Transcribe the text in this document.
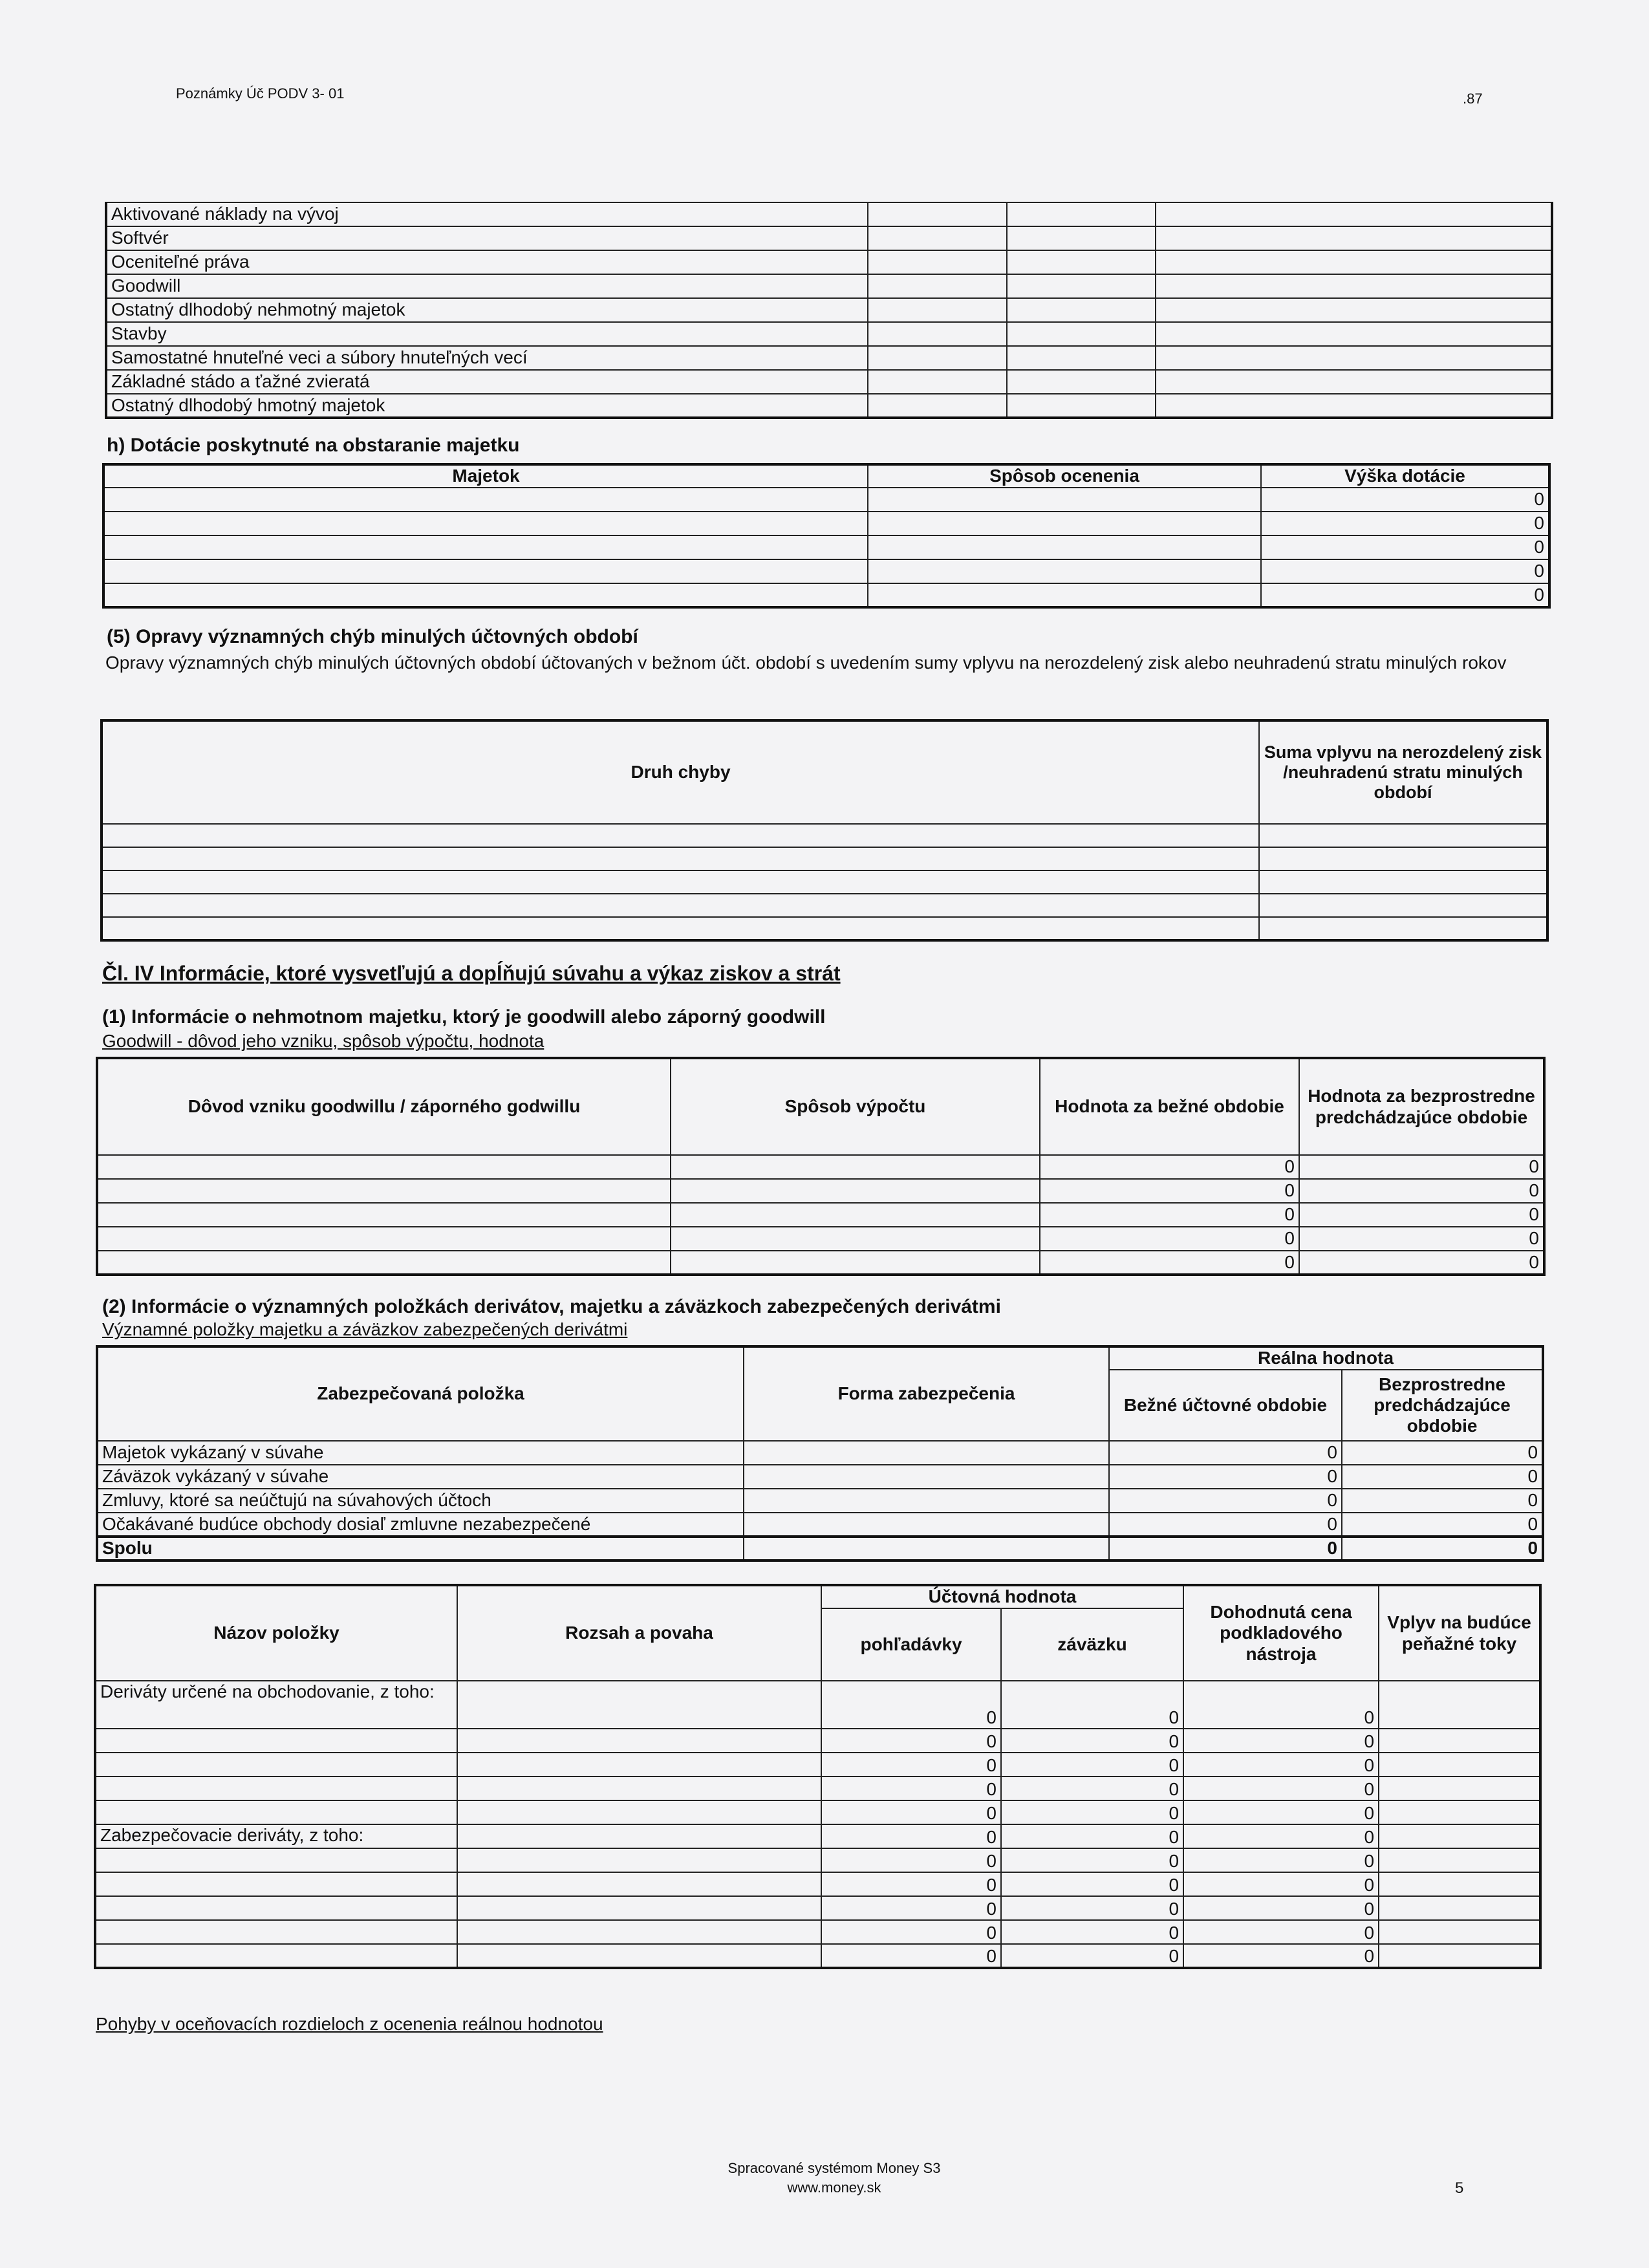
Poznámky Úč PODV 3- 01	.87
Aktivované náklady na vývoj			
Softvér			
Oceniteľné práva			
Goodwill			
Ostatný dlhodobý nehmotný majetok			
Stavby			
Samostatné hnuteľné veci a súbory hnuteľných vecí			
Základné stádo a ťažné zvieratá			
Ostatný dlhodobý hmotný majetok			
h) Dotácie poskytnuté na obstaranie majetku
Majetok	Spôsob ocenenia	Výška dotácie
		0
		0
		0
		0
		0
(5) Opravy významných chýb minulých účtovných období
Opravy významných chýb minulých účtovných období účtovaných v bežnom účt. období s uvedením sumy vplyvu na nerozdelený zisk alebo neuhradenú stratu minulých rokov
Druh chyby	Suma vplyvu na nerozdelený zisk /neuhradenú stratu minulých období

Čl. IV Informácie, ktoré vysvetľujú a dopĺňujú súvahu a výkaz ziskov a strát
(1) Informácie o nehmotnom majetku, ktorý je goodwill alebo záporný goodwill
Goodwill - dôvod jeho vzniku, spôsob výpočtu, hodnota
Dôvod vzniku goodwillu / záporného godwillu	Spôsob výpočtu	Hodnota za bežné obdobie	Hodnota za bezprostredne predchádzajúce obdobie
		0	0
		0	0
		0	0
		0	0
		0	0
(2) Informácie o významných položkách derivátov, majetku a záväzkoch zabezpečených derivátmi
Významné položky majetku a záväzkov zabezpečených derivátmi
Zabezpečovaná položka	Forma zabezpečenia	Reálna hodnota	
		Bežné účtovné obdobie	Bezprostredne predchádzajúce obdobie
Majetok vykázaný v súvahe		0	0
Záväzok vykázaný v súvahe		0	0
Zmluvy, ktoré sa neúčtujú na súvahových účtoch		0	0
Očakávané budúce obchody dosiaľ zmluvne nezabezpečené		0	0
Spolu		0	0
Názov položky	Rozsah a povaha	Účtovná hodnota		Dohodnutá cena podkladového nástroja	Vplyv na budúce peňažné toky
		pohľadávky	záväzku		
Deriváty určené na obchodovanie, z toho:		0	0	0	
		0	0	0	
		0	0	0	
		0	0	0	
		0	0	0	
Zabezpečovacie deriváty, z toho:		0	0	0	
		0	0	0	
		0	0	0	
		0	0	0	
		0	0	0	
		0	0	0	
Pohyby v oceňovacích rozdieloch z ocenenia reálnou hodnotou
Spracované systémom Money S3
www.money.sk	5
